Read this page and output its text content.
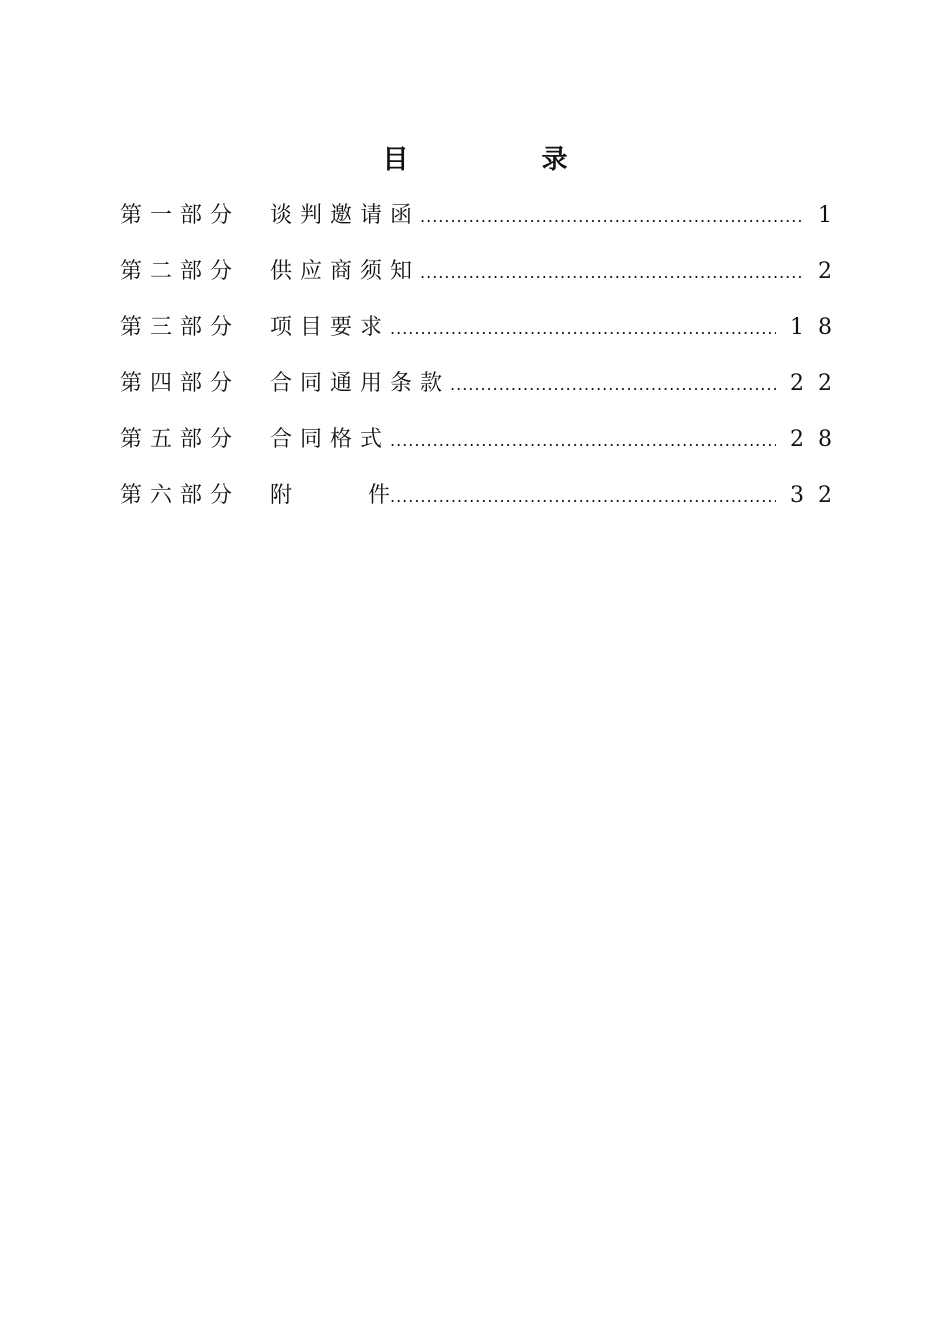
目 录
第一部分	谈判邀请函 .....	1
第二部分	供应商须知 .....	2
第三部分	项目要求 .....	18
第四部分	合同通用条款 .....	22
第五部分	合同格式 .....	28
第六部分	附	件 .....	32
